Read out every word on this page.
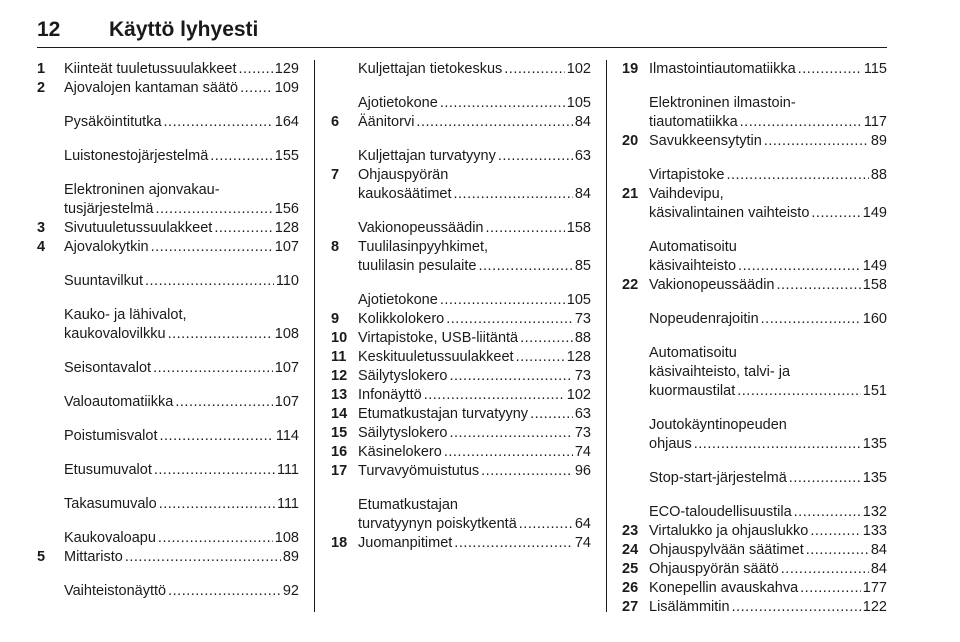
12 Käyttö lyhyesti
1	Kiinteät tuuletussuulakkeet .....	129
2	Ajovalojen kantaman säätö .....	109
Pysäköintitutka .....	164
Luistonestojärjestelmä .....	155
Elektroninen ajonvakau-
tusjärjestelmä .....	156
3	Sivutuuletussuulakkeet .....	128
4	Ajovalokytkin .....	107
Suuntavilkut .....	110
Kauko- ja lähivalot,
kaukovalovilkku .....	108
Seisontavalot .....	107
Valoautomatiikka .....	107
Poistumisvalot .....	114
Etusumuvalot .....	111
Takasumuvalo .....	111
Kaukovaloapu .....	108
5	Mittaristo .....	89
Vaihteistonäyttö .....	92
Kuljettajan tietokeskus .....	102
Ajotietokone .....	105
6	Äänitorvi .....	84
Kuljettajan turvatyyny .....	63
7	Ohjauspyörän
kaukosäätimet .....	84
Vakionopeussäädin .....	158
8	Tuulilasinpyyhkimet,
tuulilasin pesulaite .....	85
Ajotietokone .....	105
9	Kolikkolokero .....	73
10 Virtapistoke, USB-liitäntä .....	88
11 Keskituuletussuulakkeet .....	128
12 Säilytyslokero .....	73
13 Infonäyttö .....	102
14 Etumatkustajan turvatyyny .....	63
15 Säilytyslokero .....	73
16 Käsinelokero .....	74
17 Turvavyömuistutus .....	96
Etumatkustajan
turvatyynyn poiskytkentä .....	64
18 Juomanpitimet .....	74
19 Ilmastointiautomatiikka .....	115
Elektroninen ilmastoin-
tiautomatiikka .....	117
20 Savukkeensytytin .....	89
Virtapistoke .....	88
21 Vaihdevipu,
käsivalintainen vaihteisto .....	149
Automatisoitu
käsivaihteisto .....	149
22 Vakionopeussäädin .....	158
Nopeudenrajoitin .....	160
Automatisoitu
käsivaihteisto, talvi- ja
kuormaustilat .....	151
Joutokäyntinopeuden
ohjaus .....	135
Stop-start-järjestelmä .....	135
ECO-taloudellisuustila .....	132
23 Virtalukko ja ohjauslukko .....	133
24 Ohjauspylvään säätimet .....	84
25 Ohjauspyörän säätö .....	84
26 Konepellin avauskahva .....	177
27 Lisälämmitin .....	122
